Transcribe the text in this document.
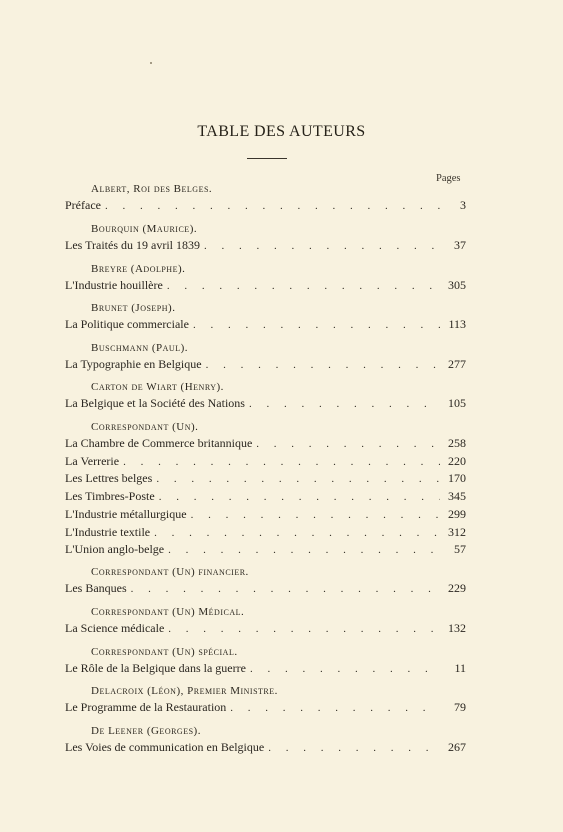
TABLE DES AUTEURS
Pages
Albert, Roi des Belges.
Préface . . .	3
Bourquin (Maurice).
Les Traités du 19 avril 1839 . . .	37
Breyre (Adolphe).
L'Industrie houillère . . .	305
Brunet (Joseph).
La Politique commerciale . . .	113
Buschmann (Paul).
La Typographie en Belgique . . .	277
Carton de Wiart (Henry).
La Belgique et la Société des Nations . . .	105
Correspondant (Un).
La Chambre de Commerce britannique . . .	258
La Verrerie . . .	220
Les Lettres belges . . .	170
Les Timbres-Poste . . .	345
L'Industrie métallurgique . . .	299
L'Industrie textile . . .	312
L'Union anglo-belge . . .	57
Correspondant (Un) financier.
Les Banques . . .	229
Correspondant (Un) Médical.
La Science médicale . . .	132
Correspondant (Un) spécial.
Le Rôle de la Belgique dans la guerre . . .	11
Delacroix (Léon), Premier Ministre.
Le Programme de la Restauration . . .	79
De Leener (Georges).
Les Voies de communication en Belgique . . .	267
